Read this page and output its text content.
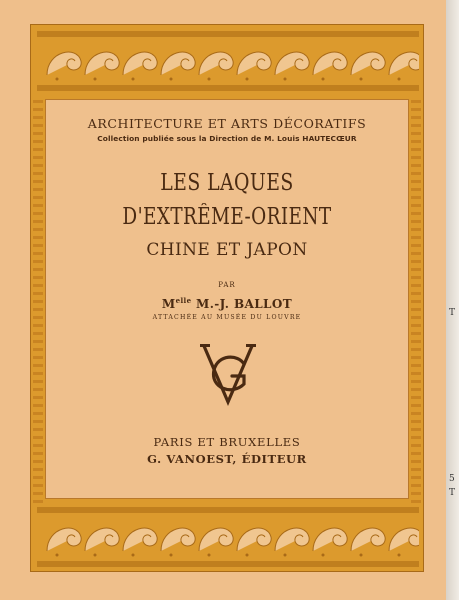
ARCHITECTURE ET ARTS DÉCORATIFS
Collection publiée sous la Direction de M. Louis HAUTECŒUR
LES LAQUES
D'EXTRÊME-ORIENT
CHINE ET JAPON
PAR
$M^{elle}$ M.-J. BALLOT
ATTACHÉE AU MUSÉE DU LOUVRE
PARIS ET BRUXELLES
G. VANOEST, ÉDITEUR
T
5
T
